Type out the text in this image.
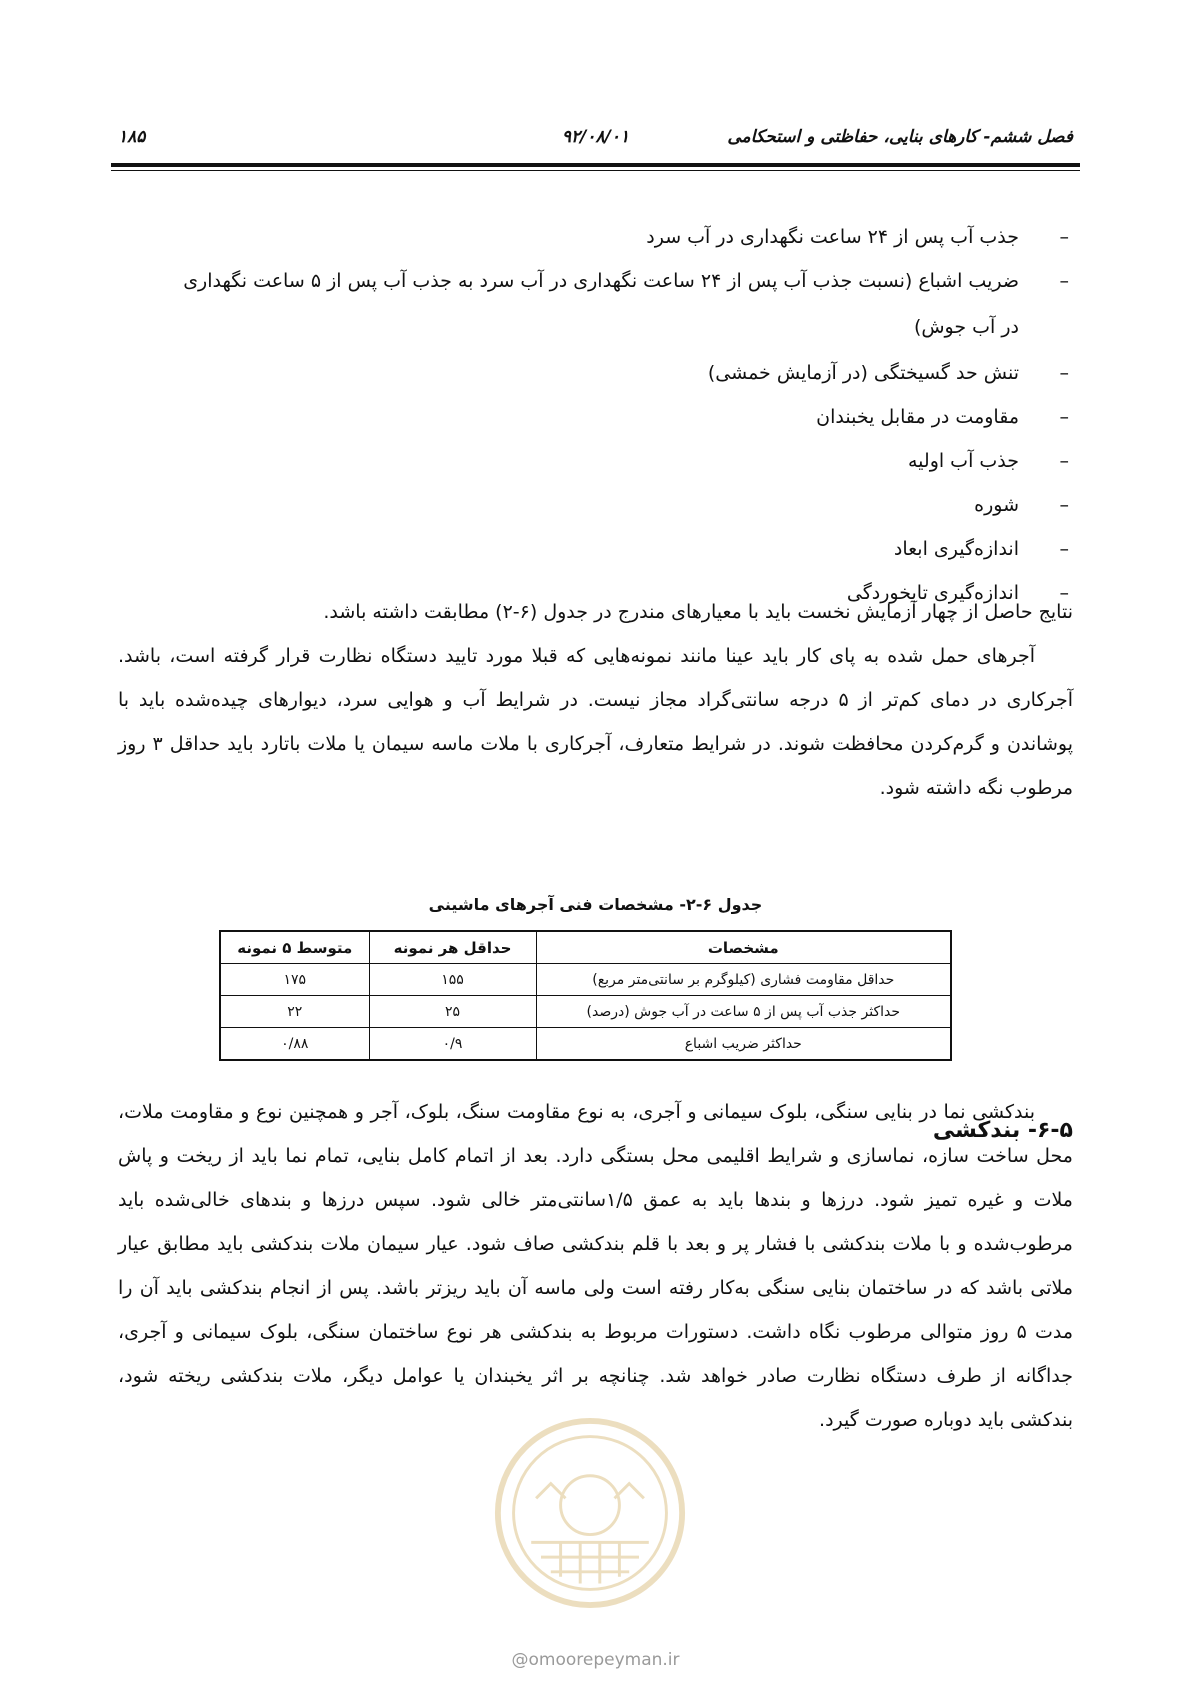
فصل ششم- کارهای بنایی، حفاظتی و استحکامی
۹۲/۰۸/۰۱
۱۸۵
–
جذب آب پس از ۲۴ ساعت نگهداری در آب سرد
–
ضریب اشباع (نسبت جذب آب پس از ۲۴ ساعت نگهداری در آب سرد به جذب آب پس از ۵ ساعت نگهداری
در آب جوش)
–
تنش حد گسیختگی (در آزمایش خمشی)
–
مقاومت در مقابل یخبندان
–
جذب آب اولیه
–
شوره
–
اندازه‌گیری ابعاد
–
اندازه‌گیری تابخوردگی

نتایج حاصل از چهار آزمایش نخست باید با معیارهای مندرج در جدول (۶-۲) مطابقت داشته باشد.

آجرهای حمل شده به پای کار باید عینا مانند نمونه‌هایی که قبلا مورد تایید دستگاه نظارت قرار گرفته است، باشد. آجرکاری در دمای کم‌تر از ۵ درجه سانتی‌گراد مجاز نیست. در شرایط آب و هوایی سرد، دیوارهای چیده‌شده باید با پوشاندن و گرم‌کردن محافظت شوند. در شرایط متعارف، آجرکاری با ملات ماسه سیمان یا ملات باتارد باید حداقل ۳ روز مرطوب نگه داشته شود.

جدول ۶-۲- مشخصات فنی آجرهای ماشینی
مشخصات	حداقل هر نمونه	متوسط ۵ نمونه
حداقل مقاومت فشاری (کیلوگرم بر سانتی‌متر مربع)	۱۵۵	۱۷۵
حداکثر جذب آب پس از ۵ ساعت در آب جوش (درصد)	۲۵	۲۲
حداکثر ضریب اشباع	۰/۹	۰/۸۸
۶-۵- بندکشی

بندکشی نما در بنایی سنگی، بلوک سیمانی و آجری، به نوع مقاومت سنگ، بلوک، آجر و همچنین نوع و مقاومت ملات، محل ساخت سازه، نماسازی و شرایط اقلیمی محل بستگی دارد. بعد از اتمام کامل بنایی، تمام نما باید از ریخت و پاش ملات و غیره تمیز شود. درزها و بندها باید به عمق ۱/۵سانتی‌متر خالی شود. سپس درزها و بندهای خالی‌شده باید مرطوب‌شده و با ملات بندکشی با فشار پر و بعد با قلم بندکشی صاف شود. عیار سیمان ملات بندکشی باید مطابق عیار ملاتی باشد که در ساختمان بنایی سنگی به‌کار رفته است ولی ماسه آن باید ریزتر باشد. پس از انجام بندکشی باید آن را مدت ۵ روز متوالی مرطوب نگاه داشت. دستورات مربوط به بندکشی هر نوع ساختمان سنگی، بلوک سیمانی و آجری، جداگانه از طرف دستگاه نظارت صادر خواهد شد. چنانچه بر اثر یخبندان یا عوامل دیگر، ملات بندکشی ریخته شود، بندکشی باید دوباره صورت گیرد.

@omoorepeyman.ir
